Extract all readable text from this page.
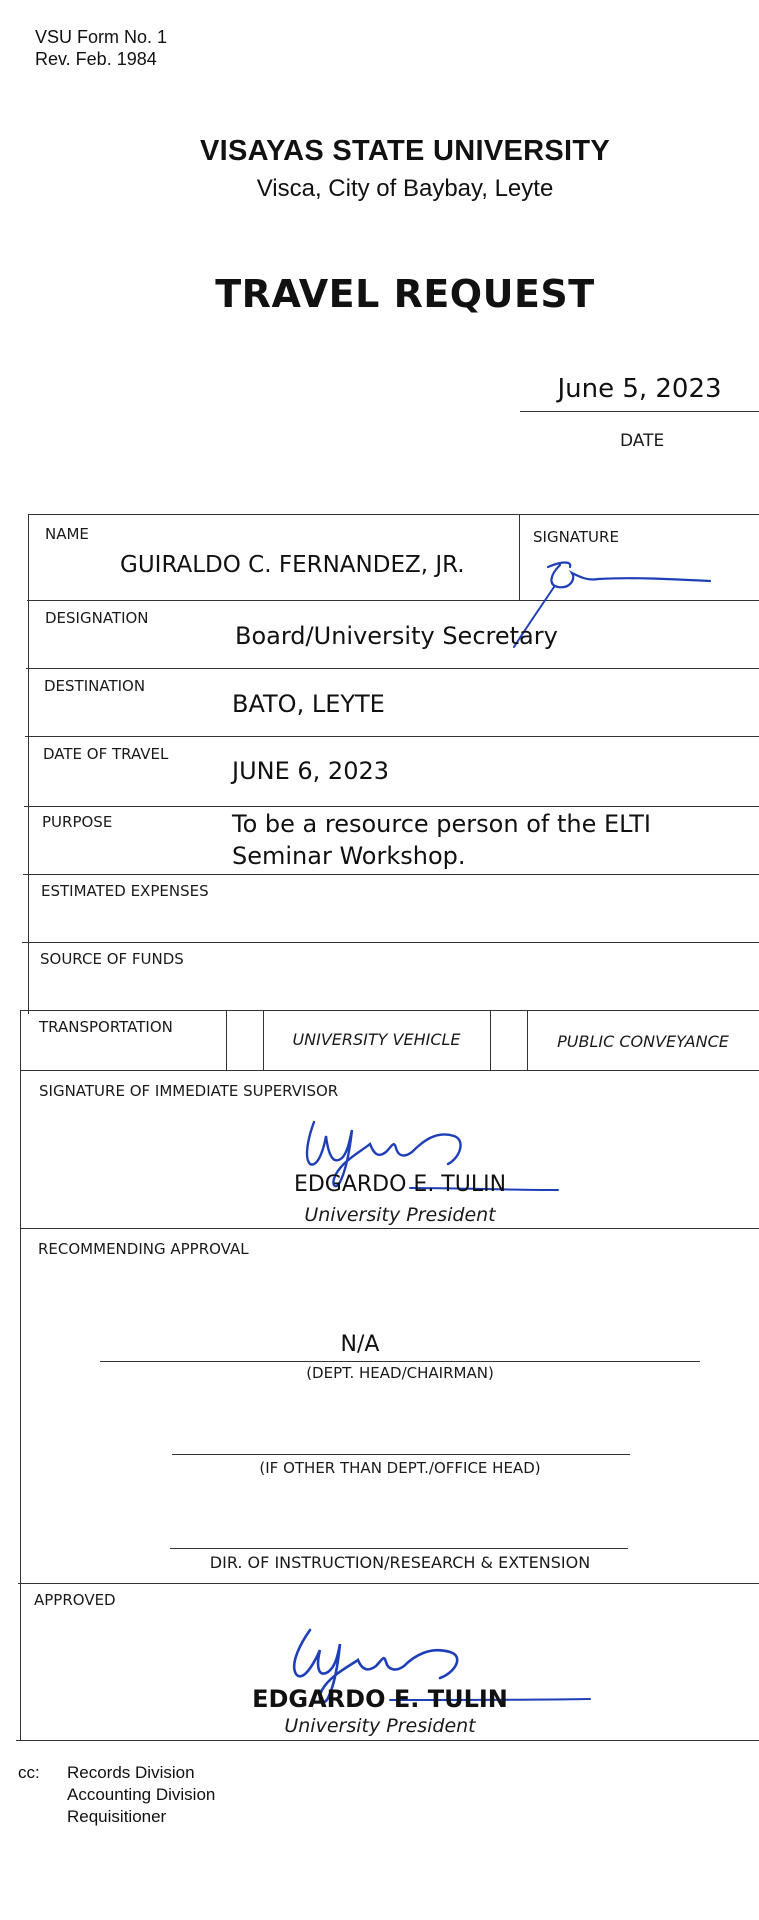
VSU Form No. 1
Rev. Feb. 1984
VISAYAS STATE UNIVERSITY
Visca, City of Baybay, Leyte
TRAVEL REQUEST
June 5, 2023
DATE
NAME
GUIRALDO C. FERNANDEZ, JR.
SIGNATURE
DESIGNATION
Board/University Secretary
DESTINATION
BATO, LEYTE
DATE OF TRAVEL
JUNE 6, 2023
PURPOSE	To be a resource person of the ELTI
Seminar Workshop.
ESTIMATED EXPENSES
SOURCE OF FUNDS
TRANSPORTATION
UNIVERSITY VEHICLE	PUBLIC CONVEYANCE
SIGNATURE OF IMMEDIATE SUPERVISOR
EDGARDO E. TULIN
University President
RECOMMENDING APPROVAL
N/A
(DEPT. HEAD/CHAIRMAN)
(IF OTHER THAN DEPT./OFFICE HEAD)
DIR. OF INSTRUCTION/RESEARCH & EXTENSION
APPROVED
EDGARDO E. TULIN
University President
cc: Records Division
Accounting Division
Requisitioner
